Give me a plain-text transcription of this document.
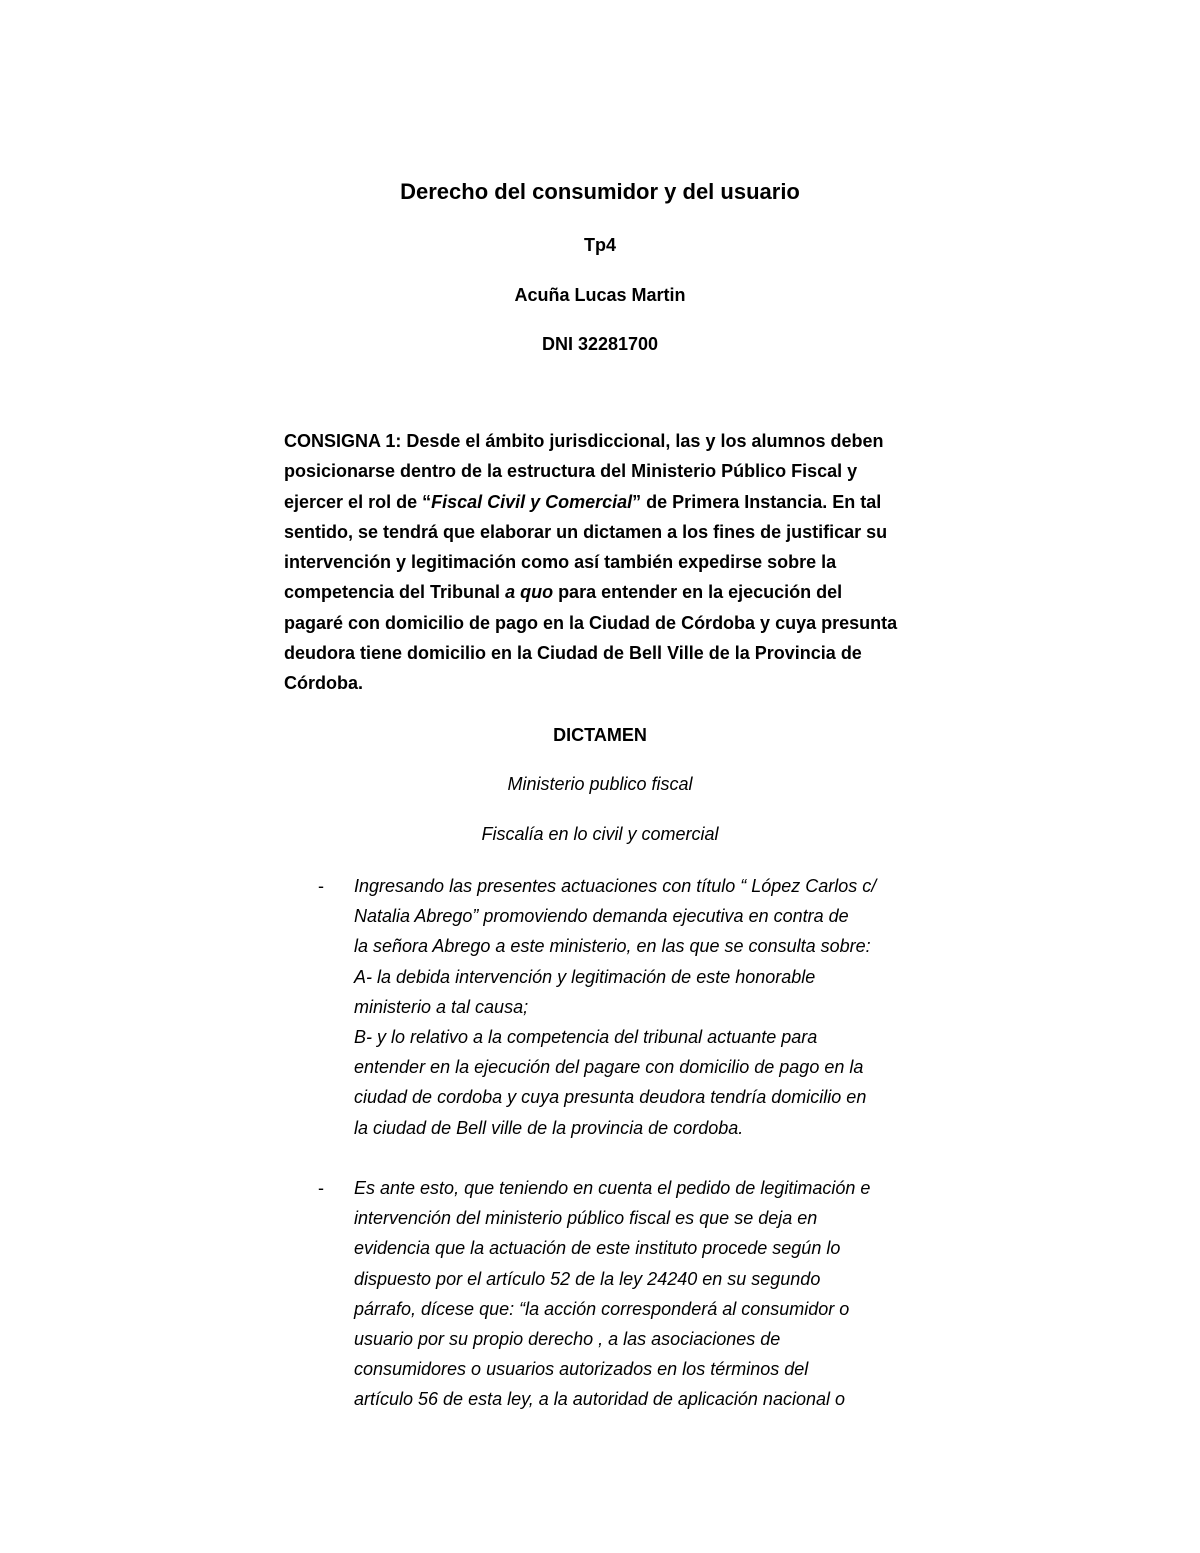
Derecho del consumidor y del usuario
Tp4
Acuña Lucas Martin
DNI 32281700
CONSIGNA 1: Desde el ámbito jurisdiccional, las y los alumnos deben
posicionarse dentro de la estructura del Ministerio Público Fiscal y
ejercer el rol de “Fiscal Civil y Comercial” de Primera Instancia. En tal
sentido, se tendrá que elaborar un dictamen a los fines de justificar su
intervención y legitimación como así también expedirse sobre la
competencia del Tribunal a quo para entender en la ejecución del
pagaré con domicilio de pago en la Ciudad de Córdoba y cuya presunta
deudora tiene domicilio en la Ciudad de Bell Ville de la Provincia de
Córdoba.
DICTAMEN
Ministerio publico fiscal
Fiscalía en lo civil y comercial
- Ingresando las presentes actuaciones con título “ López Carlos c/
Natalia Abrego” promoviendo demanda ejecutiva en contra de
la señora Abrego a este ministerio, en las que se consulta sobre:
A- la debida intervención y legitimación de este honorable
ministerio a tal causa;
B- y lo relativo a la competencia del tribunal actuante para
entender en la ejecución del pagare con domicilio de pago en la
ciudad de cordoba y cuya presunta deudora tendría domicilio en
la ciudad de Bell ville de la provincia de cordoba.
- Es ante esto, que teniendo en cuenta el pedido de legitimación e
intervención del ministerio público fiscal es que se deja en
evidencia que la actuación de este instituto procede según lo
dispuesto por el artículo 52 de la ley 24240 en su segundo
párrafo, dícese que: “la acción corresponderá al consumidor o
usuario por su propio derecho , a las asociaciones de
consumidores o usuarios autorizados en los términos del
artículo 56 de esta ley, a la autoridad de aplicación nacional o
